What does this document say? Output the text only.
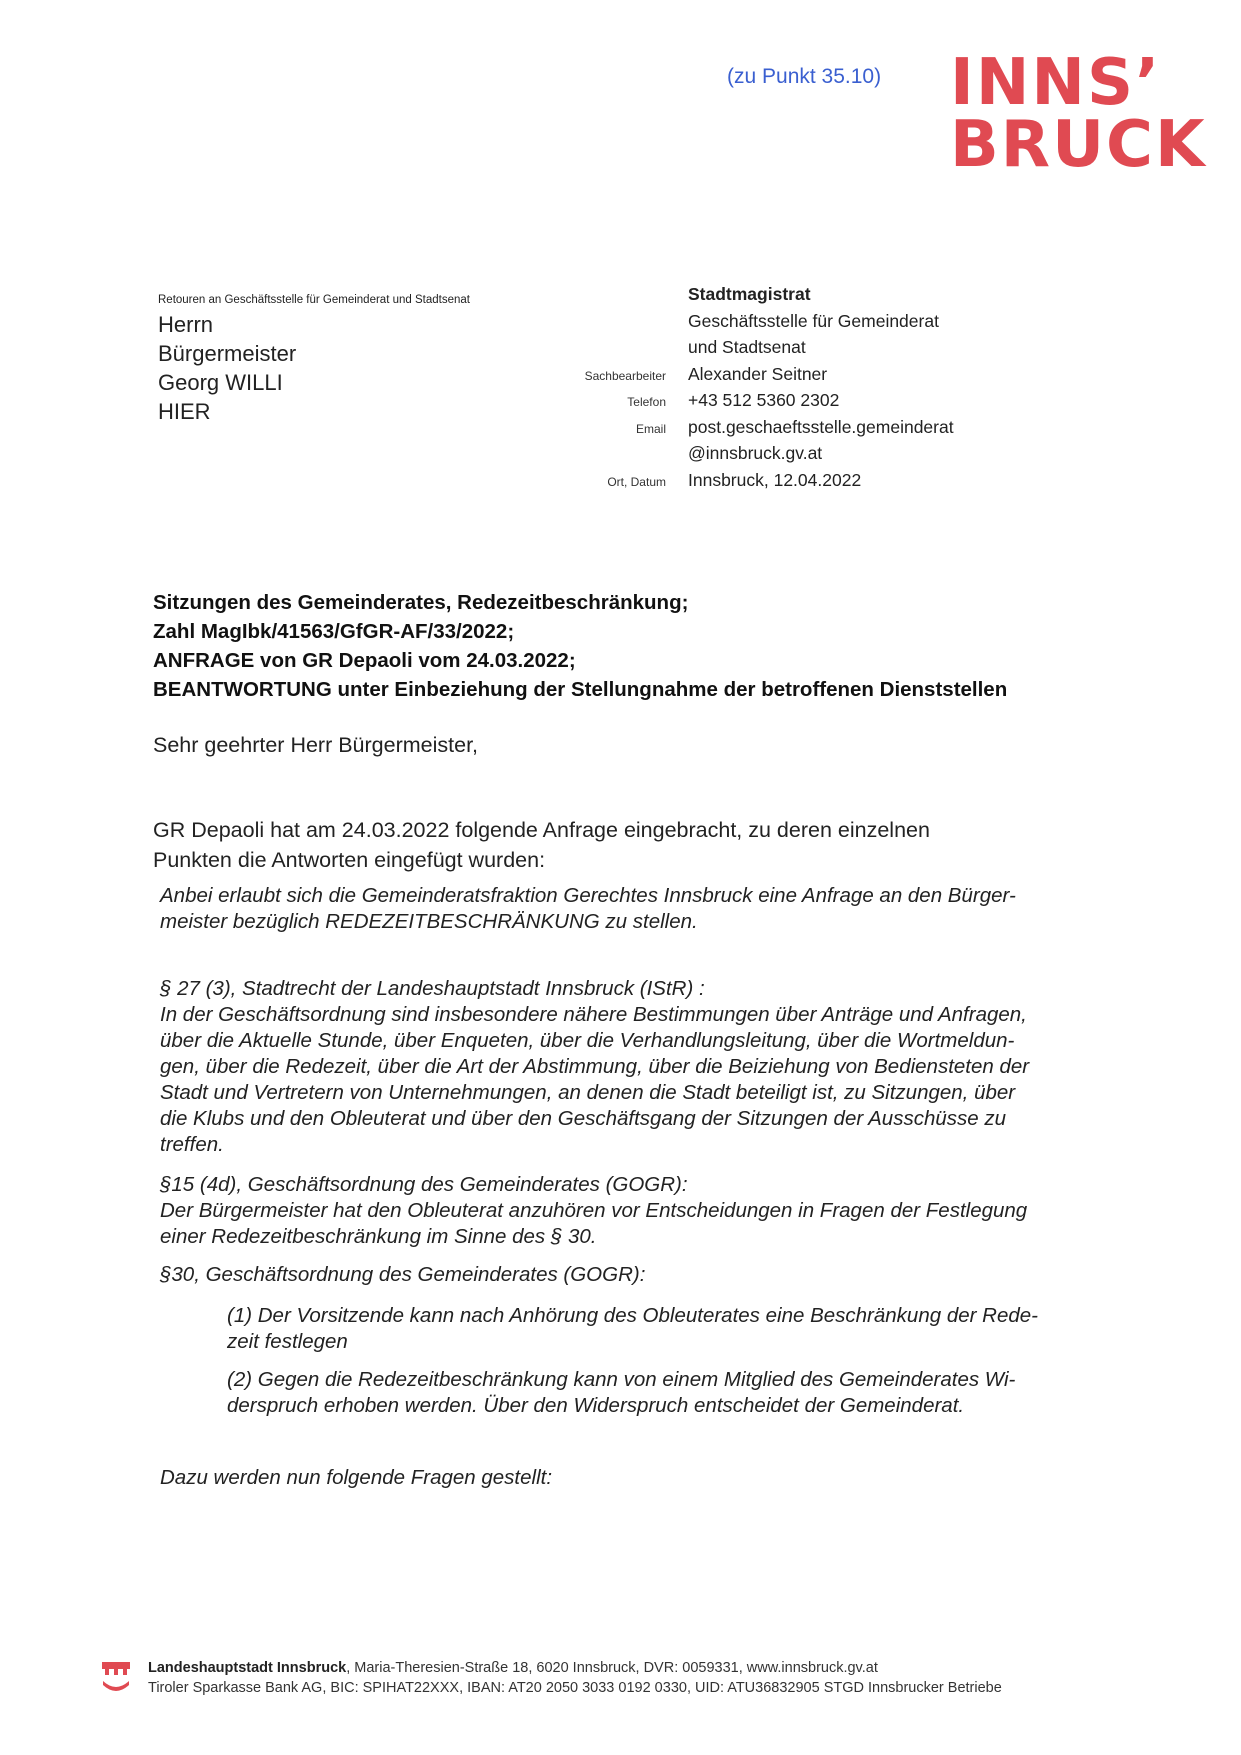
(zu Punkt 35.10) INNS’
BRUCK
Retouren an Geschäftsstelle für Gemeinderat und Stadtsenat
Herrn
Bürgermeister
Georg WILLI
HIER
Stadtmagistrat
Geschäftsstelle für Gemeinderat
und Stadtsenat
Sachbearbeiter	Alexander Seitner
Telefon	+43 512 5360 2302
Email	post.geschaeftsstelle.gemeinderat
@innsbruck.gv.at
Ort, Datum	Innsbruck, 12.04.2022
Sitzungen des Gemeinderates, Redezeitbeschränkung;
Zahl MagIbk/41563/GfGR-AF/33/2022;
ANFRAGE von GR Depaoli vom 24.03.2022;
BEANTWORTUNG unter Einbeziehung der Stellungnahme der betroffenen Dienststellen
Sehr geehrter Herr Bürgermeister,
GR Depaoli hat am 24.03.2022 folgende Anfrage eingebracht, zu deren einzelnen
Punkten die Antworten eingefügt wurden:
Anbei erlaubt sich die Gemeinderatsfraktion Gerechtes Innsbruck eine Anfrage an den Bürger-
meister bezüglich REDEZEITBESCHRÄNKUNG zu stellen.
§ 27 (3), Stadtrecht der Landeshauptstadt Innsbruck (IStR) :
In der Geschäftsordnung sind insbesondere nähere Bestimmungen über Anträge und Anfragen,
über die Aktuelle Stunde, über Enqueten, über die Verhandlungsleitung, über die Wortmeldun-
gen, über die Redezeit, über die Art der Abstimmung, über die Beiziehung von Bediensteten der
Stadt und Vertretern von Unternehmungen, an denen die Stadt beteiligt ist, zu Sitzungen, über
die Klubs und den Obleuterat und über den Geschäftsgang der Sitzungen der Ausschüsse zu
treffen.
§15 (4d), Geschäftsordnung des Gemeinderates (GOGR):
Der Bürgermeister hat den Obleuterat anzuhören vor Entscheidungen in Fragen der Festlegung
einer Redezeitbeschränkung im Sinne des § 30.
§30, Geschäftsordnung des Gemeinderates (GOGR):
(1) Der Vorsitzende kann nach Anhörung des Obleuterates eine Beschränkung der Rede-
zeit festlegen
(2) Gegen die Redezeitbeschränkung kann von einem Mitglied des Gemeinderates Wi-
derspruch erhoben werden. Über den Widerspruch entscheidet der Gemeinderat.
Dazu werden nun folgende Fragen gestellt:
Landeshauptstadt Innsbruck, Maria-Theresien-Straße 18, 6020 Innsbruck, DVR: 0059331, www.innsbruck.gv.at
Tiroler Sparkasse Bank AG, BIC: SPIHAT22XXX, IBAN: AT20 2050 3033 0192 0330, UID: ATU36832905 STGD Innsbrucker Betriebe
